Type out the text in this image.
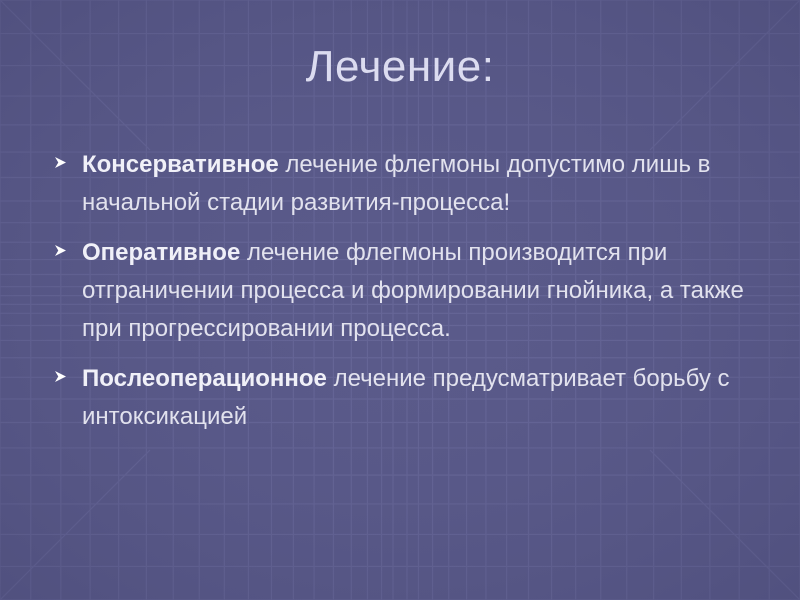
Лечение:
Консервативное лечение флегмоны допустимо лишь в начальной стадии развития-процесса!
Оперативное лечение флегмоны производится при отграничении процесса и формировании гнойника, а также при прогрессировании процесса.
Послеоперационное лечение предусматривает борьбу с интоксикацией
